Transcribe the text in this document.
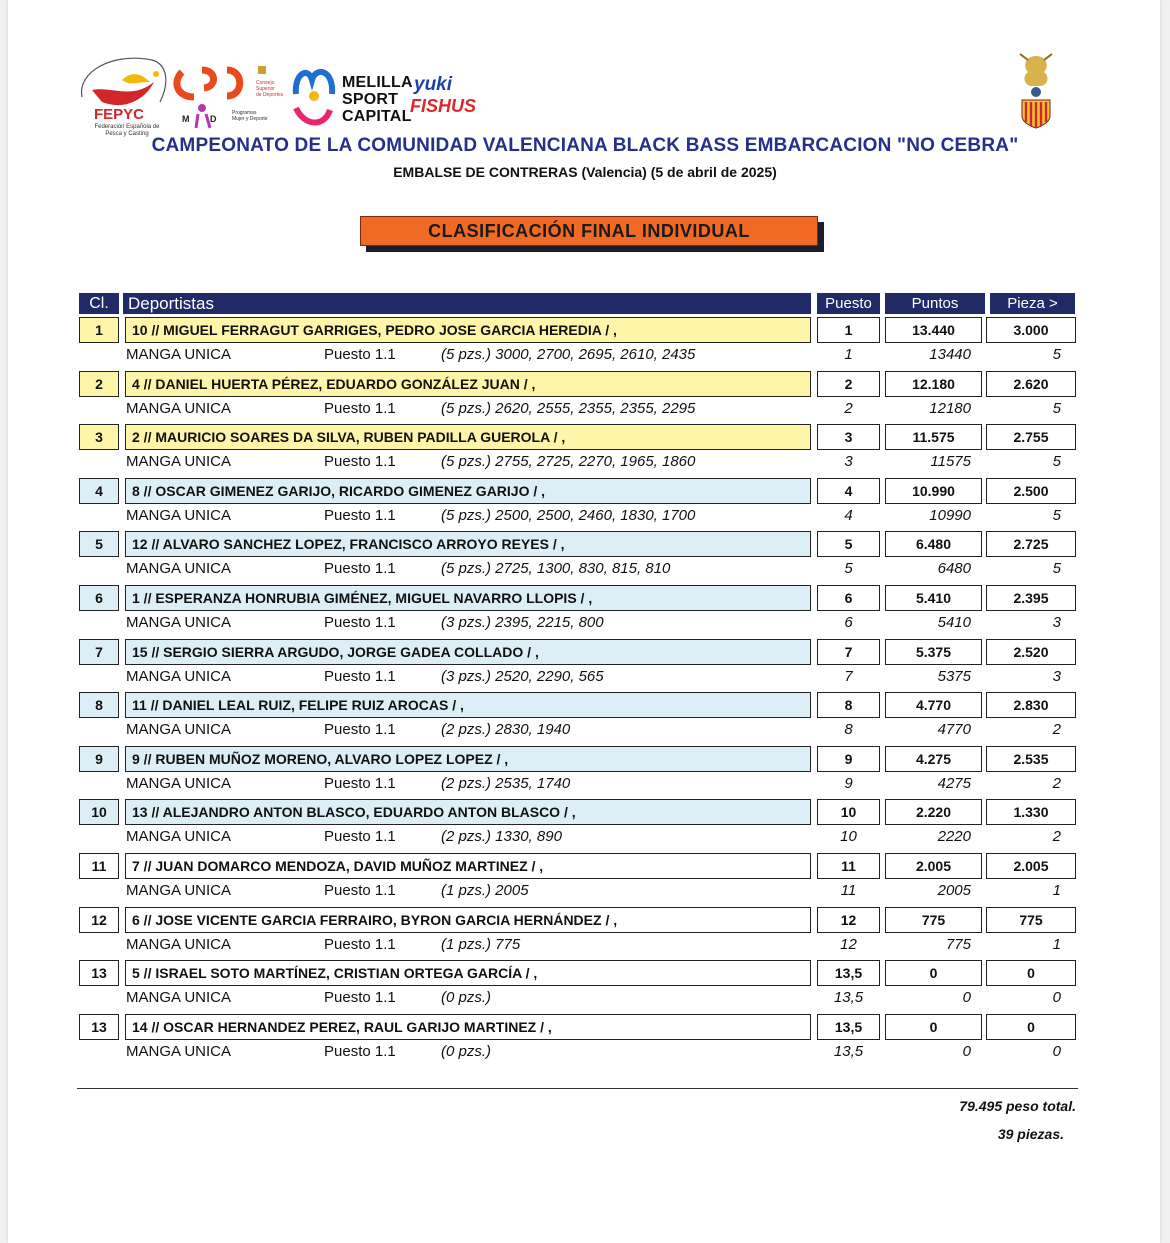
FEPYC
Federación Española de Pesca y Casting
Consejo
Superior
de Deportes
M D
Programas
Mujer y Deporte
MELILLA
SPORT
CAPITAL
yuki
FISHUS
CAMPEONATO DE LA COMUNIDAD VALENCIANA BLACK BASS EMBARCACION "NO CEBRA"
EMBALSE DE CONTRERAS (Valencia) (5 de abril de 2025)
CLASIFICACIÓN FINAL INDIVIDUAL
Cl.	Deportistas	Puesto	Puntos	Pieza >
1	10 // MIGUEL FERRAGUT GARRIGES, PEDRO JOSE GARCIA HEREDIA / ,	1	13.440	3.000
MANGA UNICA	Puesto 1.1	(5 pzs.) 3000, 2700, 2695, 2610, 2435	1	13440	5
2	4 // DANIEL HUERTA PÉREZ, EDUARDO GONZÁLEZ JUAN / ,	2	12.180	2.620
MANGA UNICA	Puesto 1.1	(5 pzs.) 2620, 2555, 2355, 2355, 2295	2	12180	5
3	2 // MAURICIO SOARES DA SILVA, RUBEN PADILLA GUEROLA / ,	3	11.575	2.755
MANGA UNICA	Puesto 1.1	(5 pzs.) 2755, 2725, 2270, 1965, 1860	3	11575	5
4	8 // OSCAR GIMENEZ GARIJO, RICARDO GIMENEZ GARIJO / ,	4	10.990	2.500
MANGA UNICA	Puesto 1.1	(5 pzs.) 2500, 2500, 2460, 1830, 1700	4	10990	5
5	12 // ALVARO SANCHEZ LOPEZ, FRANCISCO ARROYO REYES / ,	5	6.480	2.725
MANGA UNICA	Puesto 1.1	(5 pzs.) 2725, 1300, 830, 815, 810	5	6480	5
6	1 // ESPERANZA HONRUBIA GIMÉNEZ, MIGUEL NAVARRO LLOPIS / ,	6	5.410	2.395
MANGA UNICA	Puesto 1.1	(3 pzs.) 2395, 2215, 800	6	5410	3
7	15 // SERGIO SIERRA ARGUDO, JORGE GADEA COLLADO / ,	7	5.375	2.520
MANGA UNICA	Puesto 1.1	(3 pzs.) 2520, 2290, 565	7	5375	3
8	11 // DANIEL LEAL RUIZ, FELIPE RUIZ AROCAS / ,	8	4.770	2.830
MANGA UNICA	Puesto 1.1	(2 pzs.) 2830, 1940	8	4770	2
9	9 // RUBEN MUÑOZ MORENO, ALVARO LOPEZ LOPEZ / ,	9	4.275	2.535
MANGA UNICA	Puesto 1.1	(2 pzs.) 2535, 1740	9	4275	2
10	13 // ALEJANDRO ANTON BLASCO, EDUARDO ANTON BLASCO / ,	10	2.220	1.330
MANGA UNICA	Puesto 1.1	(2 pzs.) 1330, 890	10	2220	2
11	7 // JUAN DOMARCO MENDOZA, DAVID MUÑOZ MARTINEZ / ,	11	2.005	2.005
MANGA UNICA	Puesto 1.1	(1 pzs.) 2005	11	2005	1
12	6 // JOSE VICENTE GARCIA FERRAIRO, BYRON GARCIA HERNÁNDEZ / ,	12	775	775
MANGA UNICA	Puesto 1.1	(1 pzs.) 775	12	775	1
13	5 // ISRAEL SOTO MARTÍNEZ, CRISTIAN ORTEGA GARCÍA / ,	13,5	0	0
MANGA UNICA	Puesto 1.1	(0 pzs.)	13,5	0	0
13	14 // OSCAR HERNANDEZ PEREZ, RAUL GARIJO MARTINEZ / ,	13,5	0	0
MANGA UNICA	Puesto 1.1	(0 pzs.)	13,5	0	0
79.495 peso total.
39 piezas.
